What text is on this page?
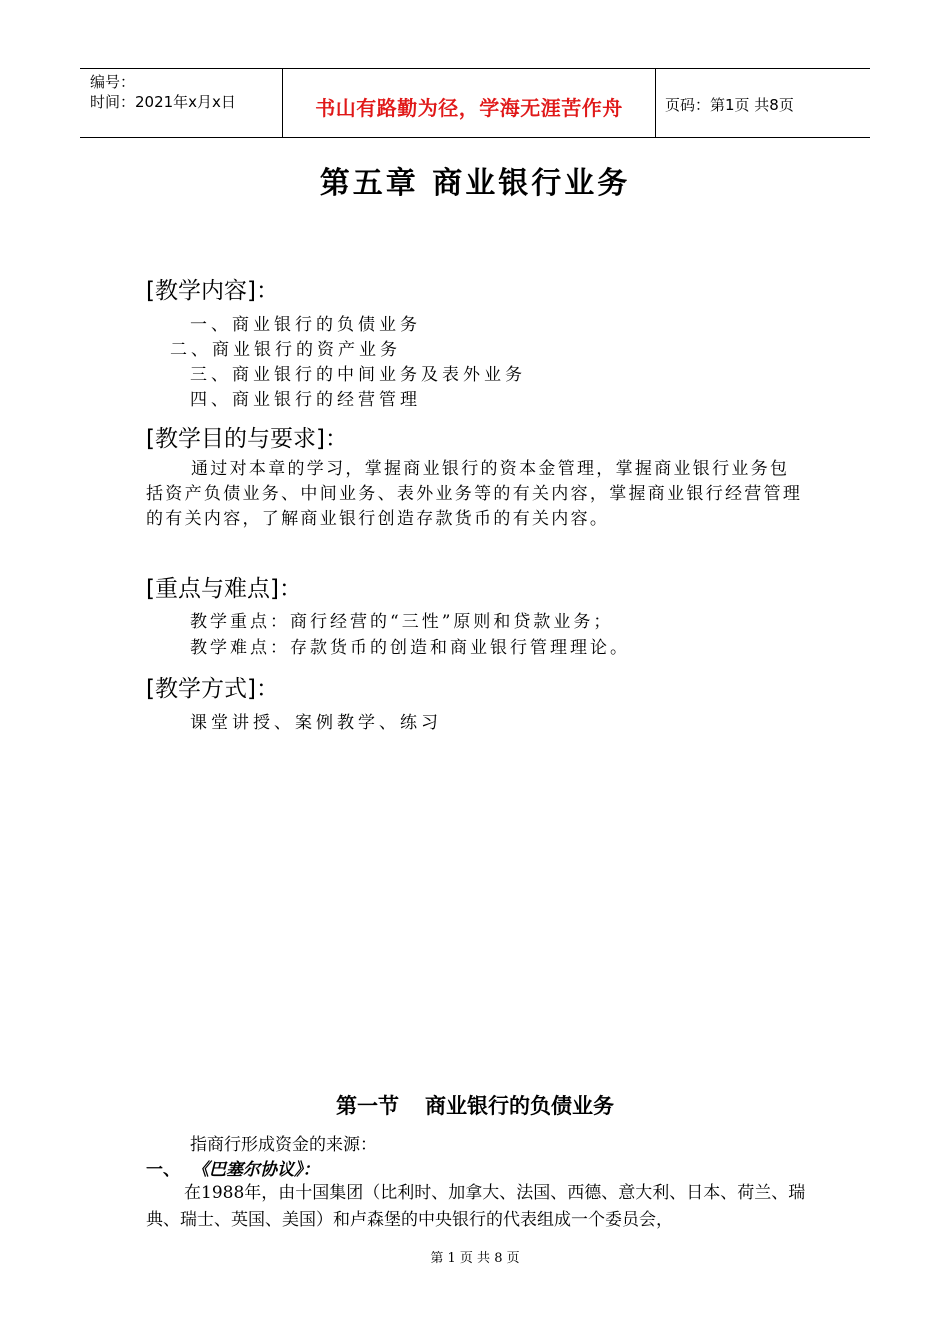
编号：
时间：2021年x月x日	书山有路勤为径，学海无涯苦作舟	页码：第1页 共8页
第五章 商业银行业务
[教学内容]：
一、商业银行的负债业务
二、商业银行的资产业务
三、商业银行的中间业务及表外业务
四、商业银行的经营管理
[教学目的与要求]：
通过对本章的学习，掌握商业银行的资本金管理，掌握商业银行业务包括资产负债业务、中间业务、表外业务等的有关内容，掌握商业银行经营管理的有关内容，了解商业银行创造存款货币的有关内容。
[重点与难点]：
教学重点：商行经营的“三性”原则和贷款业务；
教学难点：存款货币的创造和商业银行管理理论。
[教学方式]：
课堂讲授、案例教学、练习
第一节 商业银行的负债业务
指商行形成资金的来源：
一、 《巴塞尔协议》：
在1988年，由十国集团（比利时、加拿大、法国、西德、意大利、日本、荷兰、瑞典、瑞士、英国、美国）和卢森堡的中央银行的代表组成一个委员会，
第 1 页 共 8 页
